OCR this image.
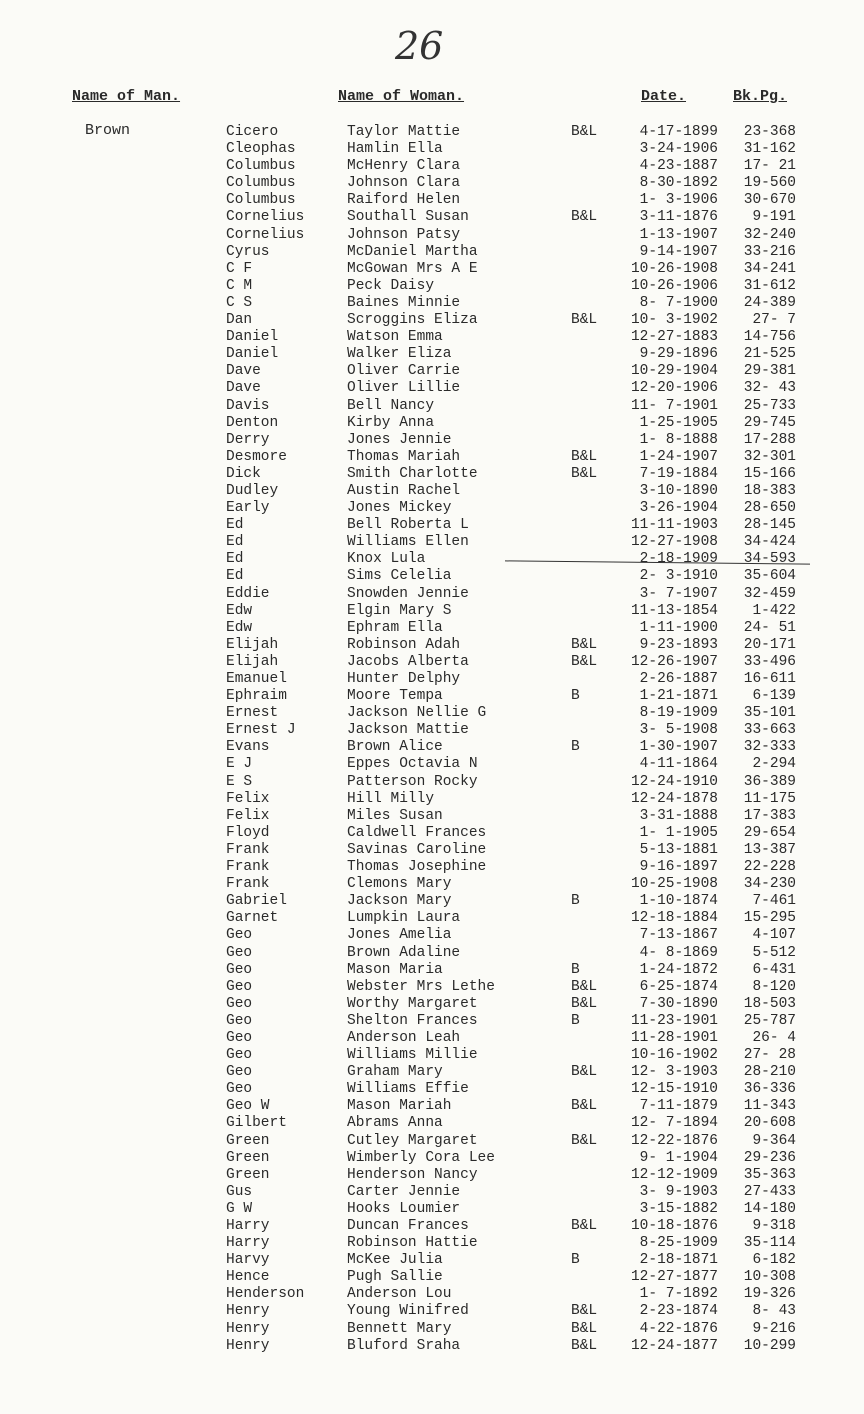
26
Name of Man.	Name of Woman.	Date.	Bk.Pg.
Brown	Cicero	Taylor Mattie	B&L	4-17-1899	23-368
Cleophas	Hamlin Ella	3-24-1906	31-162
Columbus	McHenry Clara	4-23-1887	17- 21
Columbus	Johnson Clara	8-30-1892	19-560
Columbus	Raiford Helen	1- 3-1906	30-670
Cornelius	Southall Susan	B&L	3-11-1876	9-191
Cornelius	Johnson Patsy	1-13-1907	32-240
Cyrus	McDaniel Martha	9-14-1907	33-216
C F	McGowan Mrs A E	10-26-1908	34-241
C M	Peck Daisy	10-26-1906	31-612
C S	Baines Minnie	8- 7-1900	24-389
Dan	Scroggins Eliza	B&L	10- 3-1902	27- 7
Daniel	Watson Emma	12-27-1883	14-756
Daniel	Walker Eliza	9-29-1896	21-525
Dave	Oliver Carrie	10-29-1904	29-381
Dave	Oliver Lillie	12-20-1906	32- 43
Davis	Bell Nancy	11- 7-1901	25-733
Denton	Kirby Anna	1-25-1905	29-745
Derry	Jones Jennie	1- 8-1888	17-288
Desmore	Thomas Mariah	B&L	1-24-1907	32-301
Dick	Smith Charlotte	B&L	7-19-1884	15-166
Dudley	Austin Rachel	3-10-1890	18-383
Early	Jones Mickey	3-26-1904	28-650
Ed	Bell Roberta L	11-11-1903	28-145
Ed	Williams Ellen	12-27-1908	34-424
Ed	Knox Lula	2-18-1909	34-593
Ed	Sims Celelia	2- 3-1910	35-604
Eddie	Snowden Jennie	3- 7-1907	32-459
Edw	Elgin Mary S	11-13-1854	1-422
Edw	Ephram Ella	1-11-1900	24- 51
Elijah	Robinson Adah	B&L	9-23-1893	20-171
Elijah	Jacobs Alberta	B&L	12-26-1907	33-496
Emanuel	Hunter Delphy	2-26-1887	16-611
Ephraim	Moore Tempa	B	1-21-1871	6-139
Ernest	Jackson Nellie G	8-19-1909	35-101
Ernest J	Jackson Mattie	3- 5-1908	33-663
Evans	Brown Alice	B	1-30-1907	32-333
E J	Eppes Octavia N	4-11-1864	2-294
E S	Patterson Rocky	12-24-1910	36-389
Felix	Hill Milly	12-24-1878	11-175
Felix	Miles Susan	3-31-1888	17-383
Floyd	Caldwell Frances	1- 1-1905	29-654
Frank	Savinas Caroline	5-13-1881	13-387
Frank	Thomas Josephine	9-16-1897	22-228
Frank	Clemons Mary	10-25-1908	34-230
Gabriel	Jackson Mary	B	1-10-1874	7-461
Garnet	Lumpkin Laura	12-18-1884	15-295
Geo	Jones Amelia	7-13-1867	4-107
Geo	Brown Adaline	4- 8-1869	5-512
Geo	Mason Maria	B	1-24-1872	6-431
Geo	Webster Mrs Lethe	B&L	6-25-1874	8-120
Geo	Worthy Margaret	B&L	7-30-1890	18-503
Geo	Shelton Frances	B	11-23-1901	25-787
Geo	Anderson Leah	11-28-1901	26- 4
Geo	Williams Millie	10-16-1902	27- 28
Geo	Graham Mary	B&L	12- 3-1903	28-210
Geo	Williams Effie	12-15-1910	36-336
Geo W	Mason Mariah	B&L	7-11-1879	11-343
Gilbert	Abrams Anna	12- 7-1894	20-608
Green	Cutley Margaret	B&L	12-22-1876	9-364
Green	Wimberly Cora Lee	9- 1-1904	29-236
Green	Henderson Nancy	12-12-1909	35-363
Gus	Carter Jennie	3- 9-1903	27-433
G W	Hooks Loumier	3-15-1882	14-180
Harry	Duncan Frances	B&L	10-18-1876	9-318
Harry	Robinson Hattie	8-25-1909	35-114
Harvy	McKee Julia	B	2-18-1871	6-182
Hence	Pugh Sallie	12-27-1877	10-308
Henderson	Anderson Lou	1- 7-1892	19-326
Henry	Young Winifred	B&L	2-23-1874	8- 43
Henry	Bennett Mary	B&L	4-22-1876	9-216
Henry	Bluford Sraha	B&L	12-24-1877	10-299
